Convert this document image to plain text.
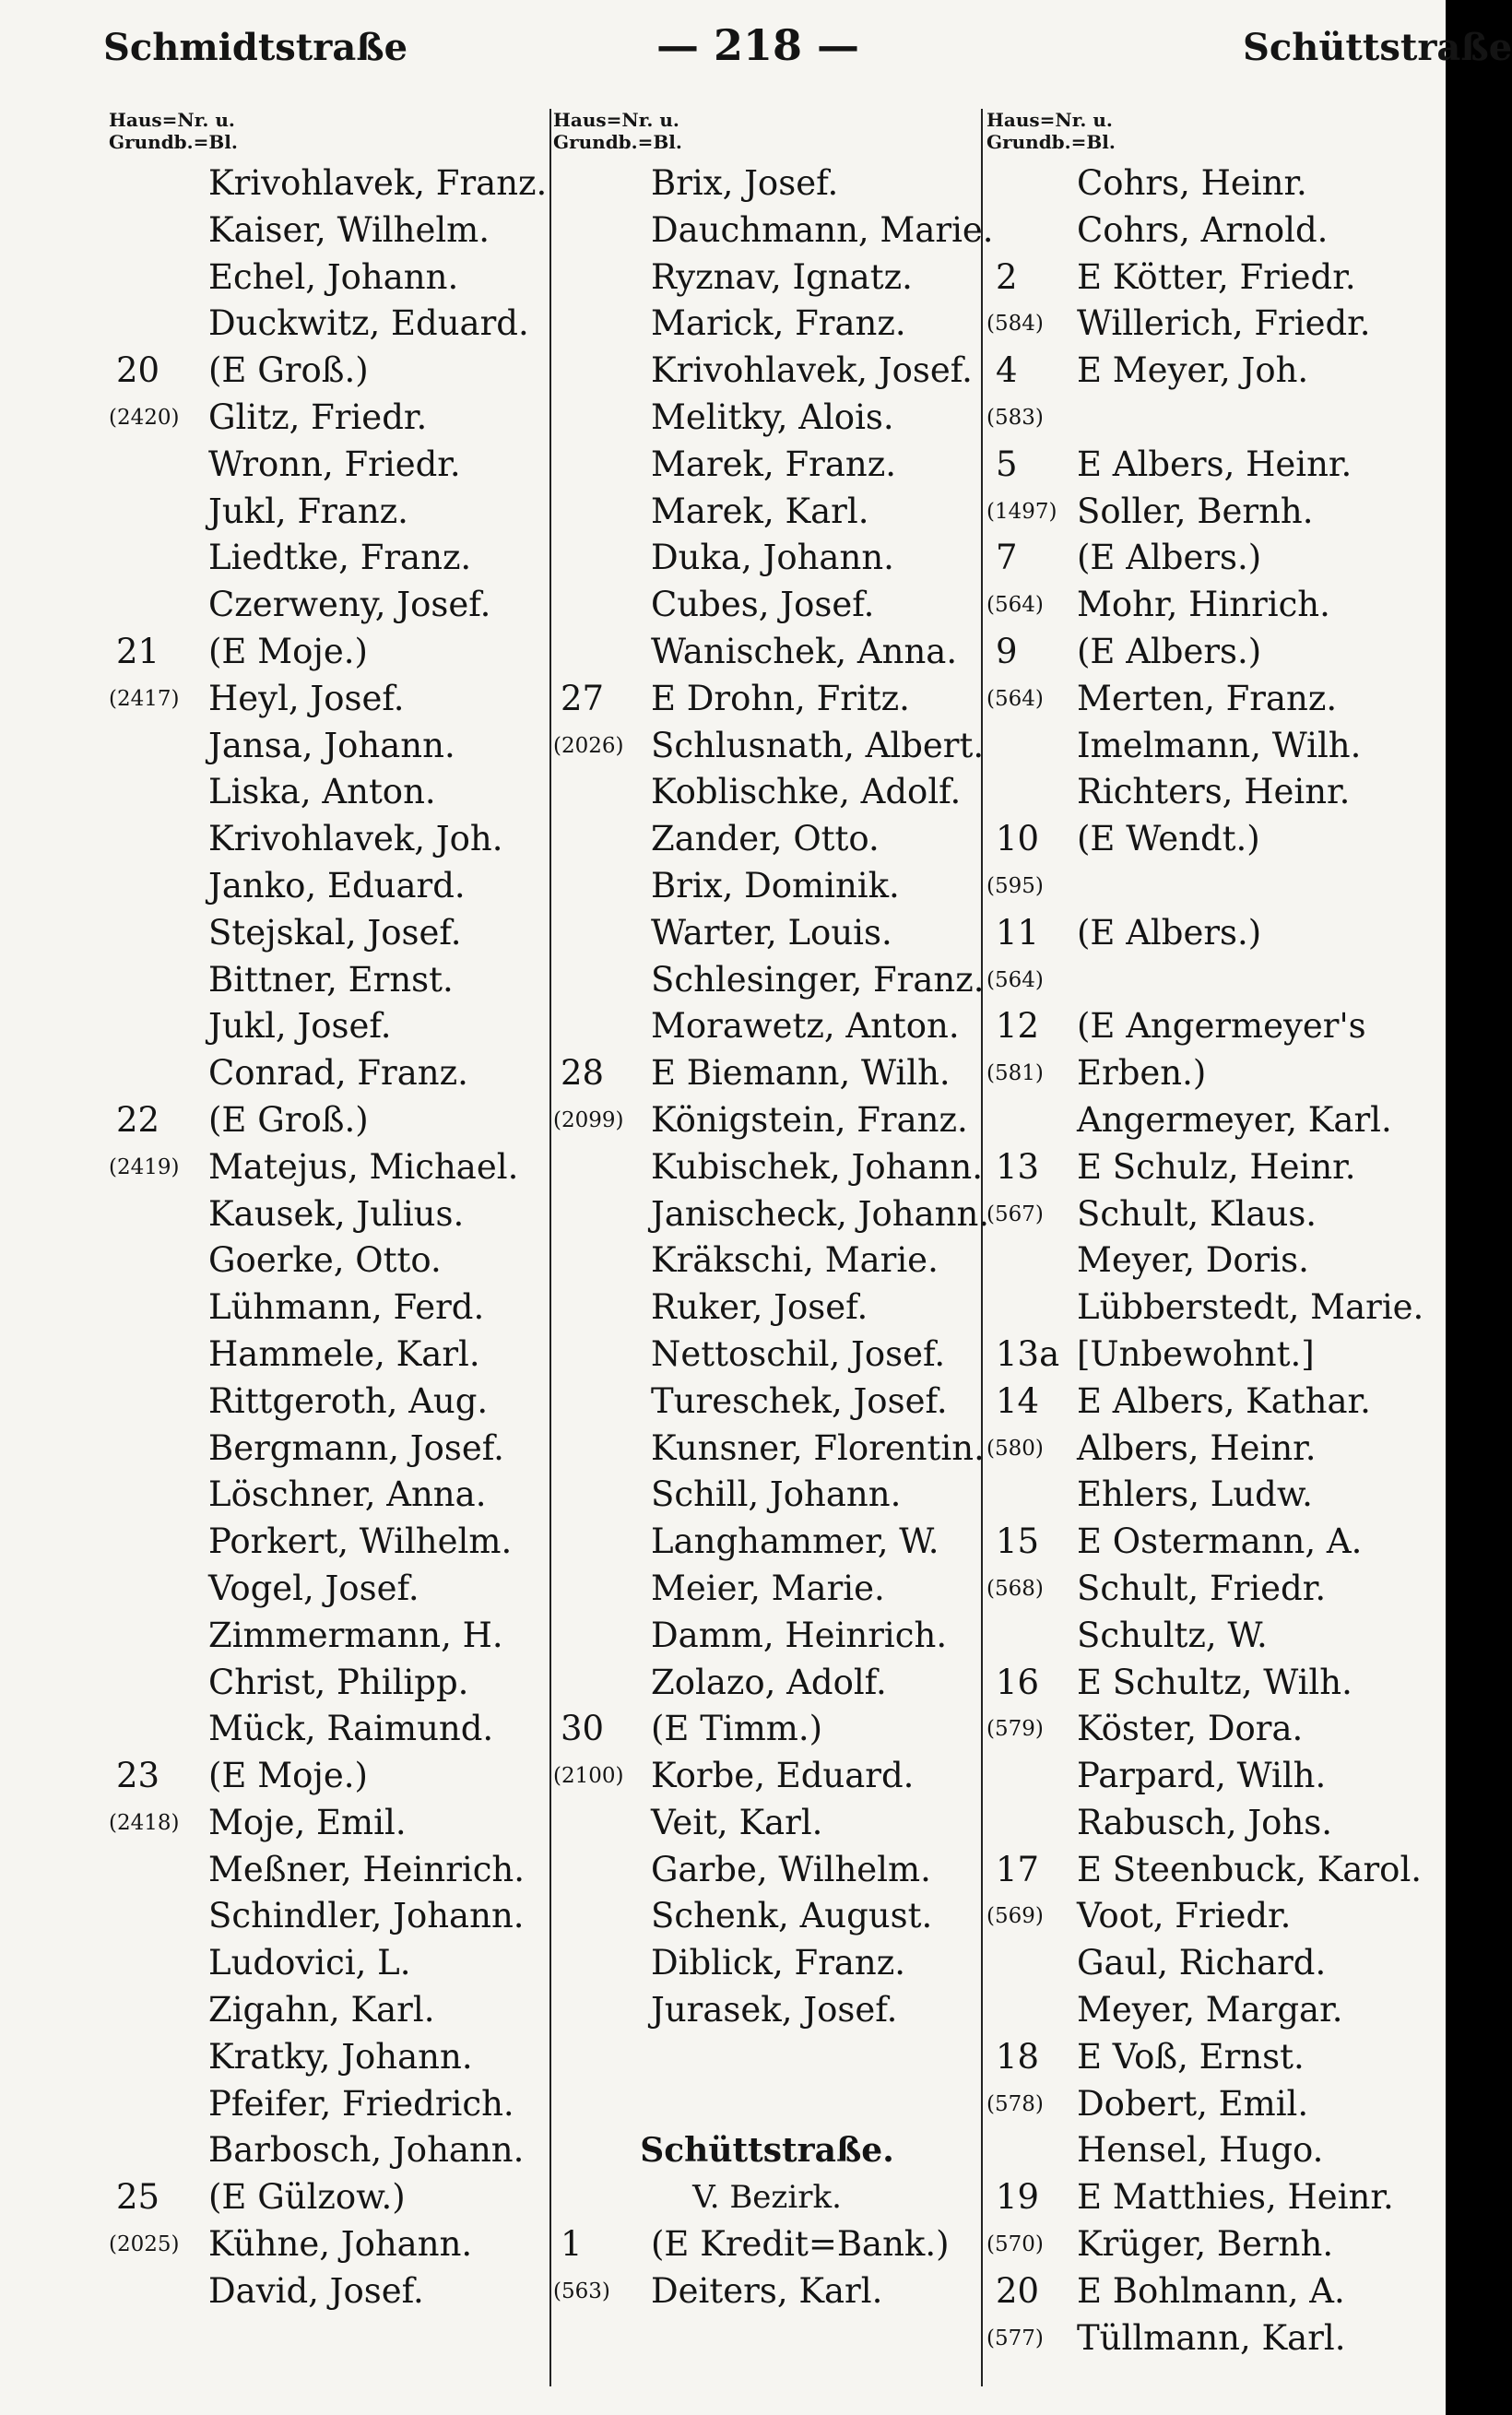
Schmidtstraße	— 218 —	Schüttstraße
Haus=Nr. u.
Grundb.=Bl.
Krivohlavek, Franz.
Kaiser, Wilhelm.
Echel, Johann.
Duckwitz, Eduard.
20 (E Groß.)
(2420) Glitz, Friedr.
Wronn, Friedr.
Jukl, Franz.
Liedtke, Franz.
Czerweny, Josef.
21 (E Moje.)
(2417) Heyl, Josef.
Jansa, Johann.
Liska, Anton.
Krivohlavek, Joh.
Janko, Eduard.
Stejskal, Josef.
Bittner, Ernst.
Jukl, Josef.
Conrad, Franz.
22 (E Groß.)
(2419) Matejus, Michael.
Kausek, Julius.
Goerke, Otto.
Lühmann, Ferd.
Hammele, Karl.
Rittgeroth, Aug.
Bergmann, Josef.
Löschner, Anna.
Porkert, Wilhelm.
Vogel, Josef.
Zimmermann, H.
Christ, Philipp.
Mück, Raimund.
23 (E Moje.)
(2418) Moje, Emil.
Meßner, Heinrich.
Schindler, Johann.
Ludovici, L.
Zigahn, Karl.
Kratky, Johann.
Pfeifer, Friedrich.
Barbosch, Johann.
25 (E Gülzow.)
(2025) Kühne, Johann.
David, Josef.
Haus=Nr. u.
Grundb.=Bl.
Brix, Josef.
Dauchmann, Marie.
Ryznav, Ignatz.
Marick, Franz.
Krivohlavek, Josef.
Melitky, Alois.
Marek, Franz.
Marek, Karl.
Duka, Johann.
Cubes, Josef.
Wanischek, Anna.
27 E Drohn, Fritz.
(2026) Schlusnath, Albert.
Koblischke, Adolf.
Zander, Otto.
Brix, Dominik.
Warter, Louis.
Schlesinger, Franz.
Morawetz, Anton.
28 E Biemann, Wilh.
(2099) Königstein, Franz.
Kubischek, Johann.
Janischeck, Johann.
Kräkschi, Marie.
Ruker, Josef.
Nettoschil, Josef.
Tureschek, Josef.
Kunsner, Florentin.
Schill, Johann.
Langhammer, W.
Meier, Marie.
Damm, Heinrich.
Zolazo, Adolf.
30 (E Timm.)
(2100) Korbe, Eduard.
Veit, Karl.
Garbe, Wilhelm.
Schenk, August.
Diblick, Franz.
Jurasek, Josef.
Schüttstraße.
V. Bezirk.
1 (E Kredit=Bank.)
(563) Deiters, Karl.
Haus=Nr. u.
Grundb.=Bl.
Cohrs, Heinr.
Cohrs, Arnold.
2 E Kötter, Friedr.
(584) Willerich, Friedr.
4 E Meyer, Joh.
(583)
5 E Albers, Heinr.
(1497) Soller, Bernh.
7 (E Albers.)
(564) Mohr, Hinrich.
9 (E Albers.)
(564) Merten, Franz.
Imelmann, Wilh.
Richters, Heinr.
10 (E Wendt.)
(595)
11 (E Albers.)
(564)
12 (E Angermeyer's
(581) Erben.)
Angermeyer, Karl.
13 E Schulz, Heinr.
(567) Schult, Klaus.
Meyer, Doris.
Lübberstedt, Marie.
13a [Unbewohnt.]
14 E Albers, Kathar.
(580) Albers, Heinr.
Ehlers, Ludw.
15 E Ostermann, A.
(568) Schult, Friedr.
Schultz, W.
16 E Schultz, Wilh.
(579) Köster, Dora.
Parpard, Wilh.
Rabusch, Johs.
17 E Steenbuck, Karol.
(569) Voot, Friedr.
Gaul, Richard.
Meyer, Margar.
18 E Voß, Ernst.
(578) Dobert, Emil.
Hensel, Hugo.
19 E Matthies, Heinr.
(570) Krüger, Bernh.
20 E Bohlmann, A.
(577) Tüllmann, Karl.
